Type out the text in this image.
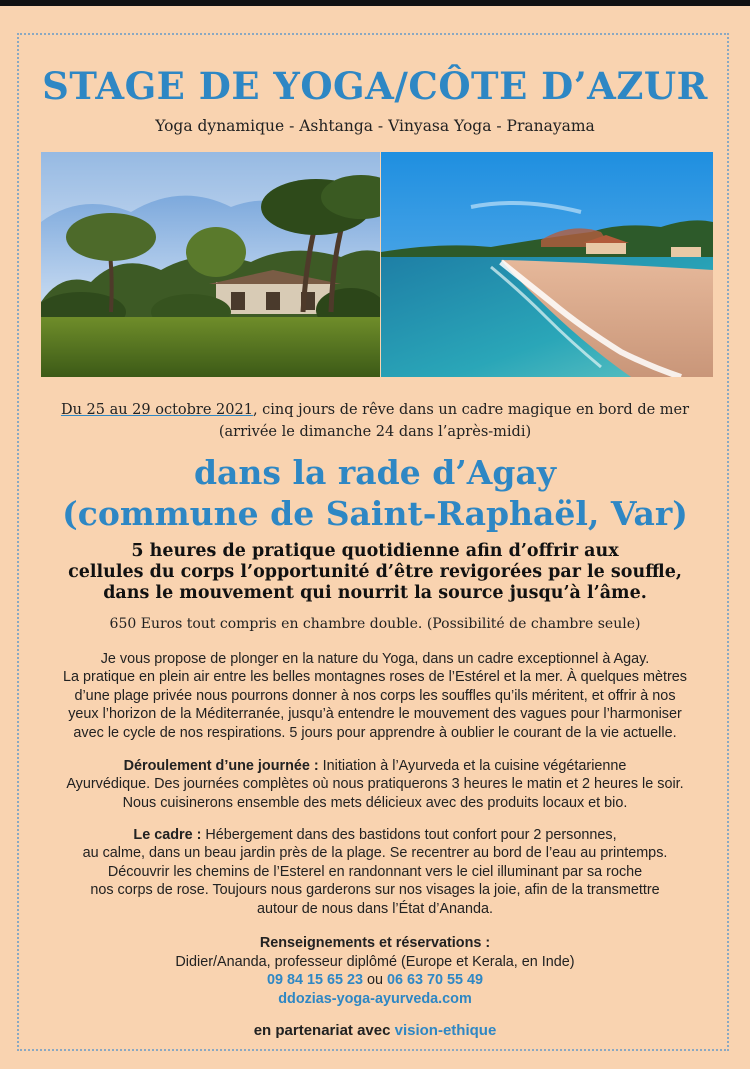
STAGE DE YOGA/CÔTE D’AZUR
Yoga dynamique - Ashtanga - Vinyasa Yoga - Pranayama
Du 25 au 29 octobre 2021, cinq jours de rêve dans un cadre magique en bord de mer
(arrivée le dimanche 24 dans l’après-midi)
dans la rade d’Agay
(commune de Saint-Raphaël, Var)
5 heures de pratique quotidienne afin d’offrir aux
cellules du corps l’opportunité d’être revigorées par le souffle,
dans le mouvement qui nourrit la source jusqu’à l’âme.
650 Euros tout compris en chambre double. (Possibilité de chambre seule)
Je vous propose de plonger en la nature du Yoga, dans un cadre exceptionnel à Agay.
La pratique en plein air entre les belles montagnes roses de l’Estérel et la mer. À quelques mètres
d’une plage privée nous pourrons donner à nos corps les souffles qu’ils méritent, et offrir à nos
yeux l’horizon de la Méditerranée, jusqu’à entendre le mouvement des vagues pour l’harmoniser
avec le cycle de nos respirations. 5 jours pour apprendre à oublier le courant de la vie actuelle.
Déroulement d’une journée : Initiation à l’Ayurveda et la cuisine végétarienne
Ayurvédique. Des journées complètes où nous pratiquerons 3 heures le matin et 2 heures le soir.
Nous cuisinerons ensemble des mets délicieux avec des produits locaux et bio.
Le cadre : Hébergement dans des bastidons tout confort pour 2 personnes,
au calme, dans un beau jardin près de la plage. Se recentrer au bord de l’eau au printemps.
Découvrir les chemins de l’Esterel en randonnant vers le ciel illuminant par sa roche
nos corps de rose. Toujours nous garderons sur nos visages la joie, afin de la transmettre
autour de nous dans l’État d’Ananda.
Renseignements et réservations :
Didier/Ananda, professeur diplômé (Europe et Kerala, en Inde)
09 84 15 65 23 ou 06 63 70 55 49
ddozias-yoga-ayurveda.com
en partenariat avec vision-ethique
